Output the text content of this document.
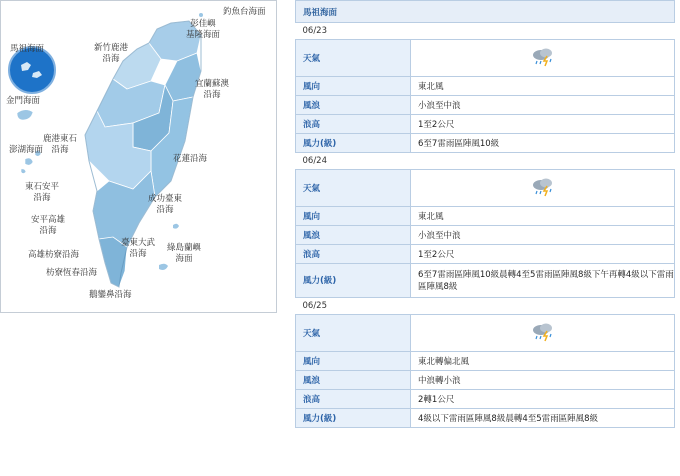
釣魚台海面
彭佳嶼
基隆海面
馬祖海面	新竹鹿港
沿海
宜蘭蘇澳
沿海
金門海面
鹿港東石
沿海
澎湖海面
花蓮沿海
東石安平
沿海	成功臺東
沿海
安平高雄
沿海
綠島蘭嶼
海面
臺東大武
沿海
高雄枋寮沿海
枋寮恆春沿海
鵝鑾鼻沿海
馬祖海面	
06/23	
天氣	
風向	東北風
風浪	小浪至中浪
浪高	1至2公尺
風力(級)	6至7雷雨區陣風10級
06/24	
天氣	
風向	東北風
風浪	小浪至中浪
浪高	1至2公尺
風力(級)	6至7雷雨區陣風10級晨轉4至5雷雨區陣風8級下午再轉4級以下雷雨區陣風8級
06/25	
天氣	
風向	東北轉偏北風
風浪	中浪轉小浪
浪高	2轉1公尺
風力(級)	4級以下雷雨區陣風8級晨轉4至5雷雨區陣風8級
